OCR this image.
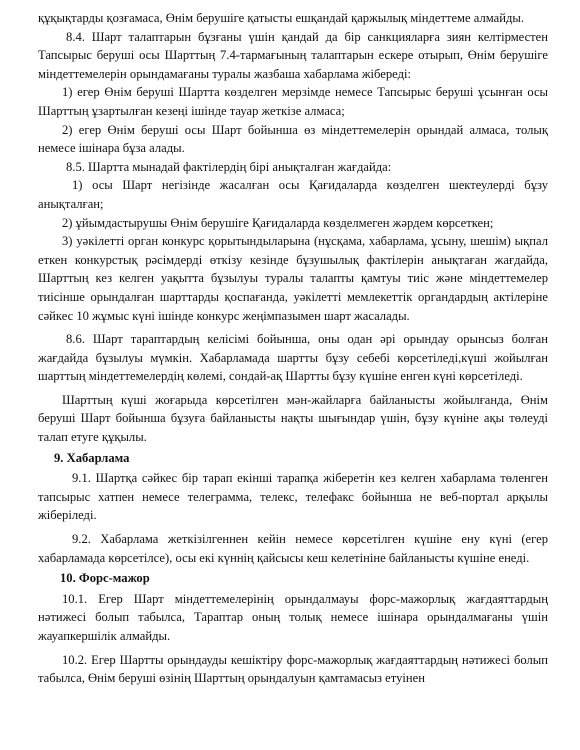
құқықтарды қозғамаса, Өнім берушіге қатысты ешқандай қаржылық міндеттеме алмайды.

8.4. Шарт талаптарын бұзғаны үшін қандай да бір санкцияларға зиян келтірместен Тапсырыс беруші осы Шарттың 7.4-тармағының талаптарын ескере отырып, Өнім берушіге міндеттемелерін орындамағаны туралы жазбаша хабарлама жібереді:

1) егер Өнім беруші Шартта көзделген мерзімде немесе Тапсырыс беруші ұсынған осы Шарттың ұзартылған кезеңі ішінде тауар жеткізе алмаса;

2) егер Өнім беруші осы Шарт бойынша өз міндеттемелерін орындай алмаса, толық немесе ішінара бұза алады.

8.5. Шартта мынадай фактілердің бірі анықталған жағдайда:

1) осы Шарт негізінде жасалған осы Қағидаларда көзделген шектеулерді бұзу анықталған;

2) ұйымдастырушы Өнім берушіге Қағидаларда көзделмеген жәрдем көрсеткен;

3) уәкілетті орган конкурс қорытындыларына (нұсқама, хабарлама, ұсыну, шешім) ықпал еткен конкурстық рәсімдерді өткізу кезінде бұзушылық фактілерін анықтаған жағдайда, Шарттың кез келген уақытта бұзылуы туралы талапты қамтуы тиіс және міндеттемелер тиісінше орындалған шарттарды қоспағанда, уәкілетті мемлекеттік органдардың актілеріне сәйкес 10 жұмыс күні ішінде конкурс жеңімпазымен шарт жасалады.

8.6. Шарт тараптардың келісімі бойынша, оны одан әрі орындау орынсыз болған жағдайда бұзылуы мүмкін. Хабарламада шартты бұзу себебі көрсетіледі,күші жойылған шарттың міндеттемелердің көлемі, сондай-ақ Шартты бұзу күшіне енген күні көрсетіледі.

Шарттың күші жоғарыда көрсетілген мән-жайларға байланысты жойылғанда, Өнім беруші Шарт бойынша бұзуға байланысты нақты шығындар үшін, бұзу күніне ақы төлеуді талап етуге құқылы.

9. Хабарлама

9.1. Шартқа сәйкес бір тарап екінші тарапқа жіберетін кез келген хабарлама төленген тапсырыс хатпен немесе телеграмма, телекс, телефакс бойынша не веб-портал арқылы жіберіледі.

9.2. Хабарлама жеткізілгеннен кейін немесе көрсетілген күшіне ену күні (егер хабарламада көрсетілсе), осы екі күннің қайсысы кеш келетініне байланысты күшіне енеді.

10. Форс-мажор

10.1. Егер Шарт міндеттемелерінің орындалмауы форс-мажорлық жағдаяттардың нәтижесі болып табылса, Тараптар оның толық немесе ішінара орындалмағаны үшін жауапкершілік алмайды.

10.2. Егер Шартты орындауды кешіктіру форс-мажорлық жағдаяттардың нәтижесі болып табылса, Өнім беруші өзінің Шарттың орындалуын қамтамасыз етуінен
